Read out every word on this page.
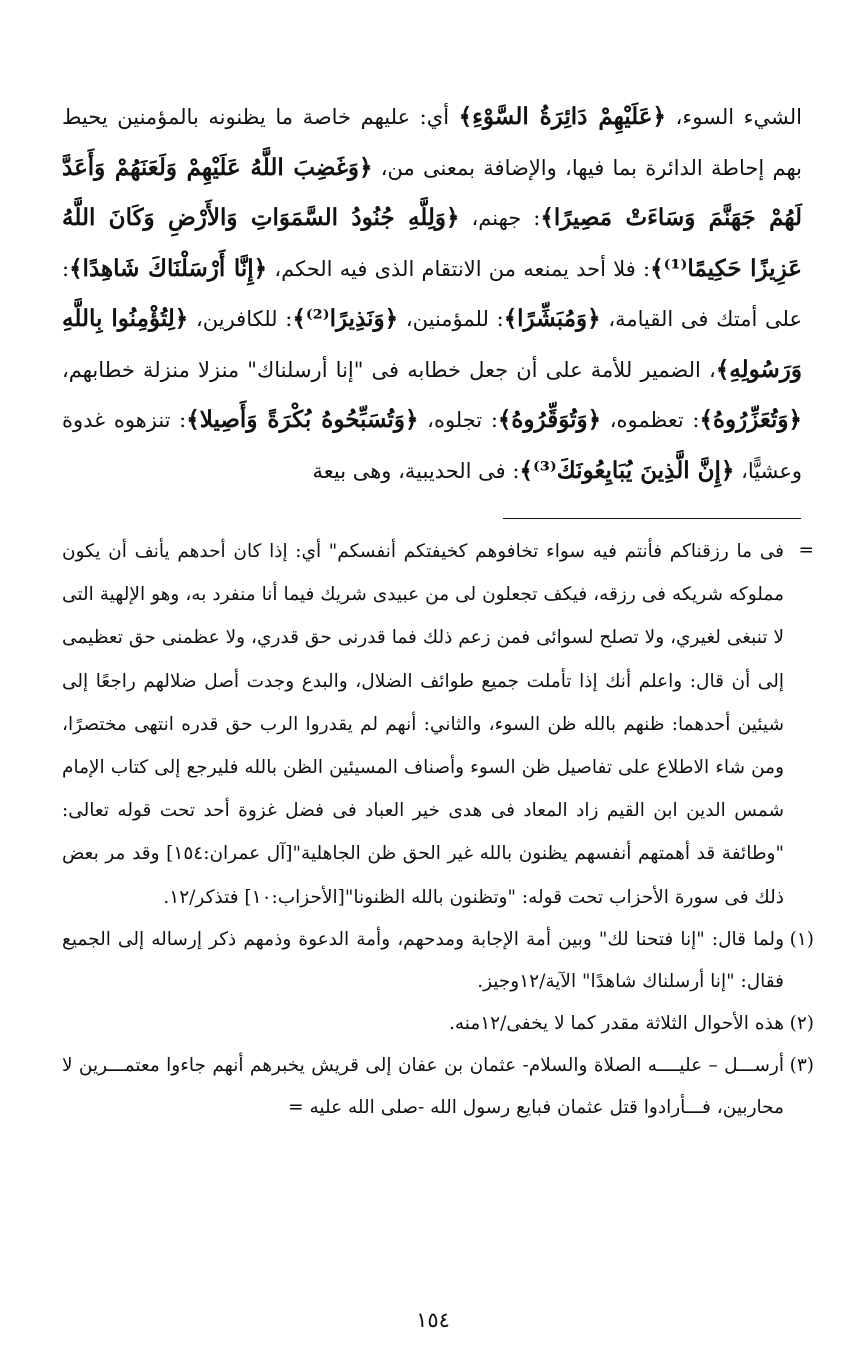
الشيء السوء، ﴿عَلَيْهِمْ دَائِرَةُ السَّوْءِ﴾ أي: عليهم خاصة ما يظنونه بالمؤمنين يحيط بهم إحاطة الدائرة بما فيها، والإضافة بمعنى من، ﴿وَغَضِبَ اللَّهُ عَلَيْهِمْ وَلَعَنَهُمْ وَأَعَدَّ لَهُمْ جَهَنَّمَ وَسَاءَتْ مَصِيرًا﴾: جهنم، ﴿وَلِلَّهِ جُنُودُ السَّمَوَاتِ وَالأَرْضِ وَكَانَ اللَّهُ عَزِيزًا حَكِيمًا⁽¹⁾﴾: فلا أحد يمنعه من الانتقام الذى فيه الحكم، ﴿إِنَّا أَرْسَلْنَاكَ شَاهِدًا﴾: على أمتك فى القيامة، ﴿وَمُبَشِّرًا﴾: للمؤمنين، ﴿وَنَذِيرًا⁽²⁾﴾: للكافرين، ﴿لِتُؤْمِنُوا بِاللَّهِ وَرَسُولِهِ﴾، الضمير للأمة على أن جعل خطابه فى "إنا أرسلناك" منزلا منزلة خطابهم، ﴿وَتُعَزِّرُوهُ﴾: تعظموه، ﴿وَتُوَقِّرُوهُ﴾: تجلوه، ﴿وَتُسَبِّحُوهُ بُكْرَةً وَأَصِيلا﴾: تنزهوه غدوة وعشيًّا، ﴿إِنَّ الَّذِينَ يُبَايِعُونَكَ⁽³⁾﴾: فى الحديبية، وهى بيعة
=
فى ما رزقناكم فأنتم فيه سواء تخافوهم كخيفتكم أنفسكم" أي: إذا كان أحدهم يأنف أن يكون مملوكه شريكه فى رزقه، فيكف تجعلون لى من عبيدى شريك فيما أنا منفرد به، وهو الإلهية التى لا تنبغى لغيري، ولا تصلح لسوائى فمن زعم ذلك فما قدرنى حق قدري، ولا عظمنى حق تعظيمى إلى أن قال: واعلم أنك إذا تأملت جميع طوائف الضلال، والبدع وجدت أصل ضلالهم راجعًا إلى شيئين أحدهما: ظنهم بالله ظن السوء، والثاني: أنهم لم يقدروا الرب حق قدره انتهى مختصرًا، ومن شاء الاطلاع على تفاصيل ظن السوء وأصناف المسيئين الظن بالله فليرجع إلى كتاب الإمام شمس الدين ابن القيم زاد المعاد فى هدى خير العباد فى فضل غزوة أحد تحت قوله تعالى: "وطائفة قد أهمتهم أنفسهم يظنون بالله غير الحق ظن الجاهلية"[آل عمران:١٥٤] وقد مر بعض ذلك فى سورة الأحزاب تحت قوله: "وتظنون بالله الظنونا"[الأحزاب:١٠] فتذكر/١٢.
(١)
ولما قال: "إنا فتحنا لك" وبين أمة الإجابة ومدحهم، وأمة الدعوة وذمهم ذكر إرساله إلى الجميع فقال: "إنا أرسلناك شاهدًا" الآية/١٢وجيز.
(٢)
هذه الأحوال الثلاثة مقدر كما لا يخفى/١٢منه.
(٣)
أرســـل – عليــــه الصلاة والسلام- عثمان بن عفان إلى قريش يخبرهم أنهم جاءوا معتمـــرين لا محاربين، فـــأرادوا قتل عثمان فبايع رسول الله -صلى الله عليه =
١٥٤
